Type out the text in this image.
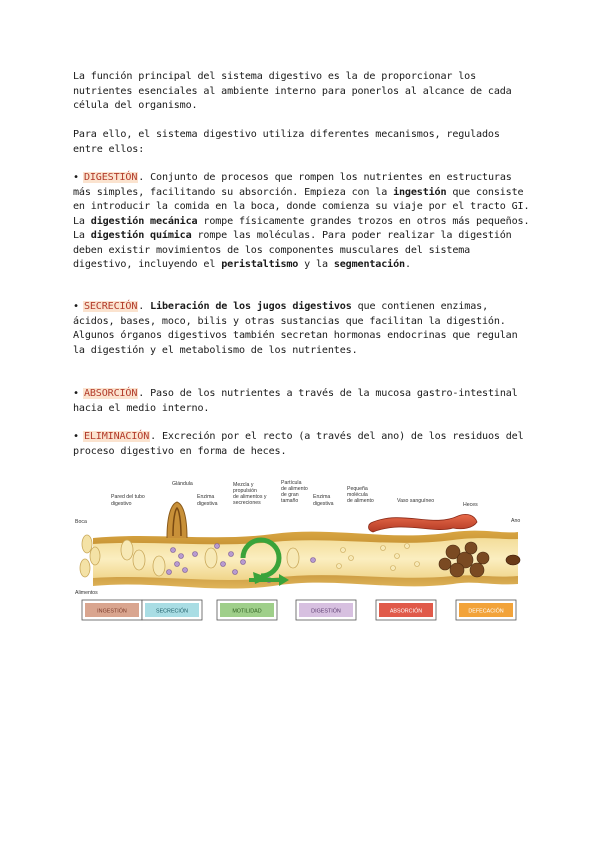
La función principal del sistema digestivo es la de proporcionar los nutrientes esenciales al ambiente interno para ponerlos al alcance de cada célula del organismo.
Para ello, el sistema digestivo utiliza diferentes mecanismos, regulados entre ellos:
• DIGESTIÓN. Conjunto de procesos que rompen los nutrientes en estructuras más simples, facilitando su absorción. Empieza con la ingestión que consiste en introducir la comida en la boca, donde comienza su viaje por el tracto GI. La digestión mecánica rompe físicamente grandes trozos en otros más pequeños. La digestión química rompe las moléculas. Para poder realizar la digestión deben existir movimientos de los componentes musculares del sistema digestivo, incluyendo el peristaltismo y la segmentación.
• SECRECIÓN. Liberación de los jugos digestivos que contienen enzimas, ácidos, bases, moco, bilis y otras sustancias que facilitan la digestión. Algunos órganos digestivos también secretan hormonas endocrinas que regulan la digestión y el metabolismo de los nutrientes.
• ABSORCIÓN. Paso de los nutrientes a través de la mucosa gastro-intestinal hacia el medio interno.
• ELIMINACIÓN. Excreción por el recto (a través del ano) de los residuos del proceso digestivo en forma de heces.
Boca
Alimentos
Pared del tubo
digestivo
Glándula
Enzima
digestiva
Mezcla y
propulsión
de alimentos y
secreciones
Partícula
de alimento
de gran
tamaño
Enzima
digestiva
Pequeña
molécula
de alimento	Vaso sanguíneo
Heces
Ano
INGESTIÓN	SECRECIÓN	MOTILIDAD	DIGESTIÓN	ABSORCIÓN	DEFECACIÓN
